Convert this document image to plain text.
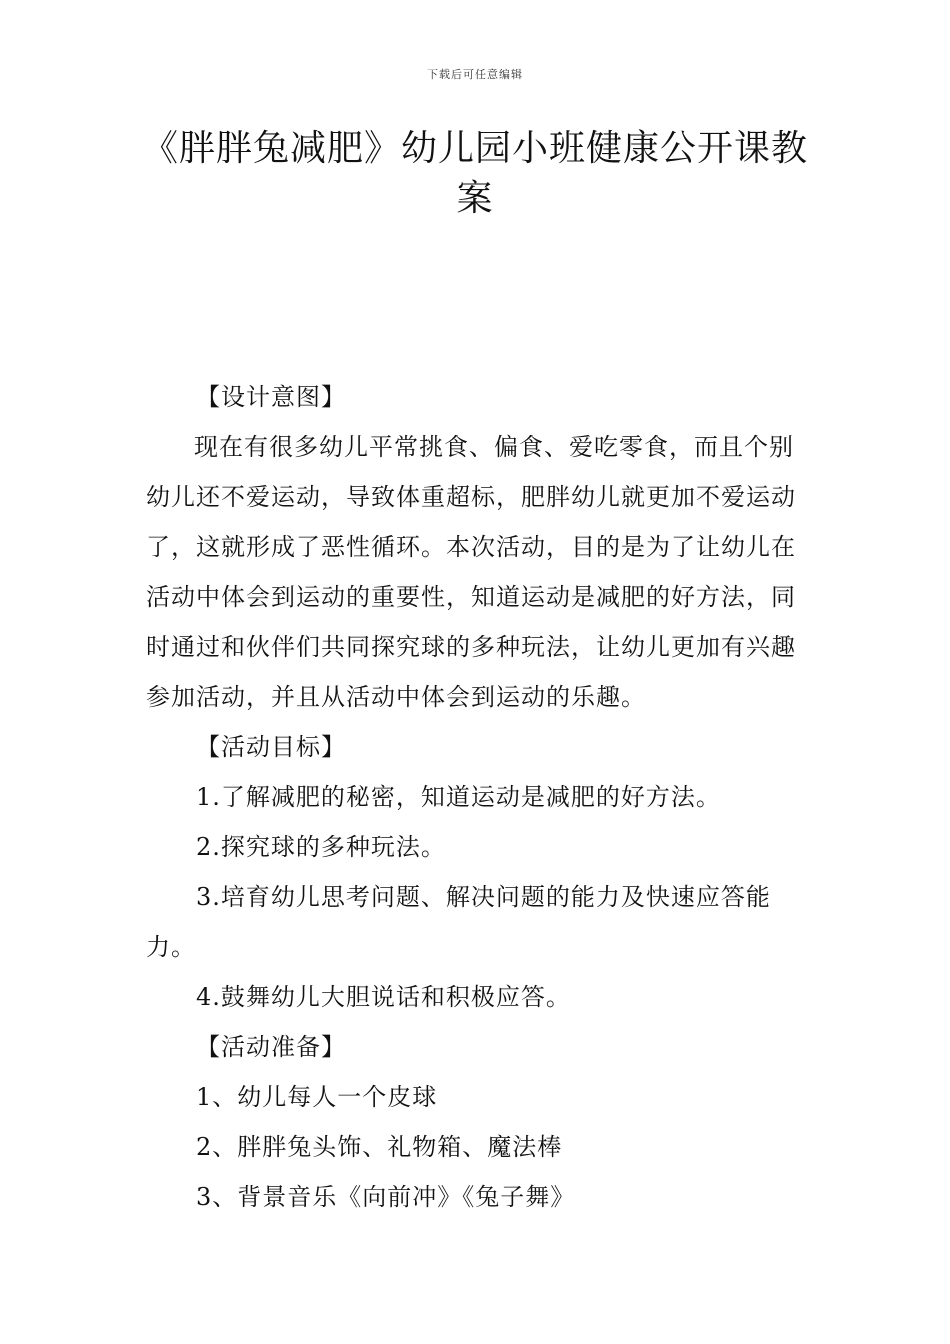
下载后可任意编辑
《胖胖兔减肥》幼儿园小班健康公开课教案

【设计意图】

现在有很多幼儿平常挑食、偏食、爱吃零食，而且个别幼儿还不爱运动，导致体重超标，肥胖幼儿就更加不爱运动了，这就形成了恶性循环。本次活动，目的是为了让幼儿在活动中体会到运动的重要性，知道运动是减肥的好方法，同时通过和伙伴们共同探究球的多种玩法，让幼儿更加有兴趣参加活动，并且从活动中体会到运动的乐趣。

【活动目标】

1.了解减肥的秘密，知道运动是减肥的好方法。

2.探究球的多种玩法。

3.培育幼儿思考问题、解决问题的能力及快速应答能力。

4.鼓舞幼儿大胆说话和积极应答。

【活动准备】

1、幼儿每人一个皮球

2、胖胖兔头饰、礼物箱、魔法棒

3、背景音乐《向前冲》《兔子舞》
